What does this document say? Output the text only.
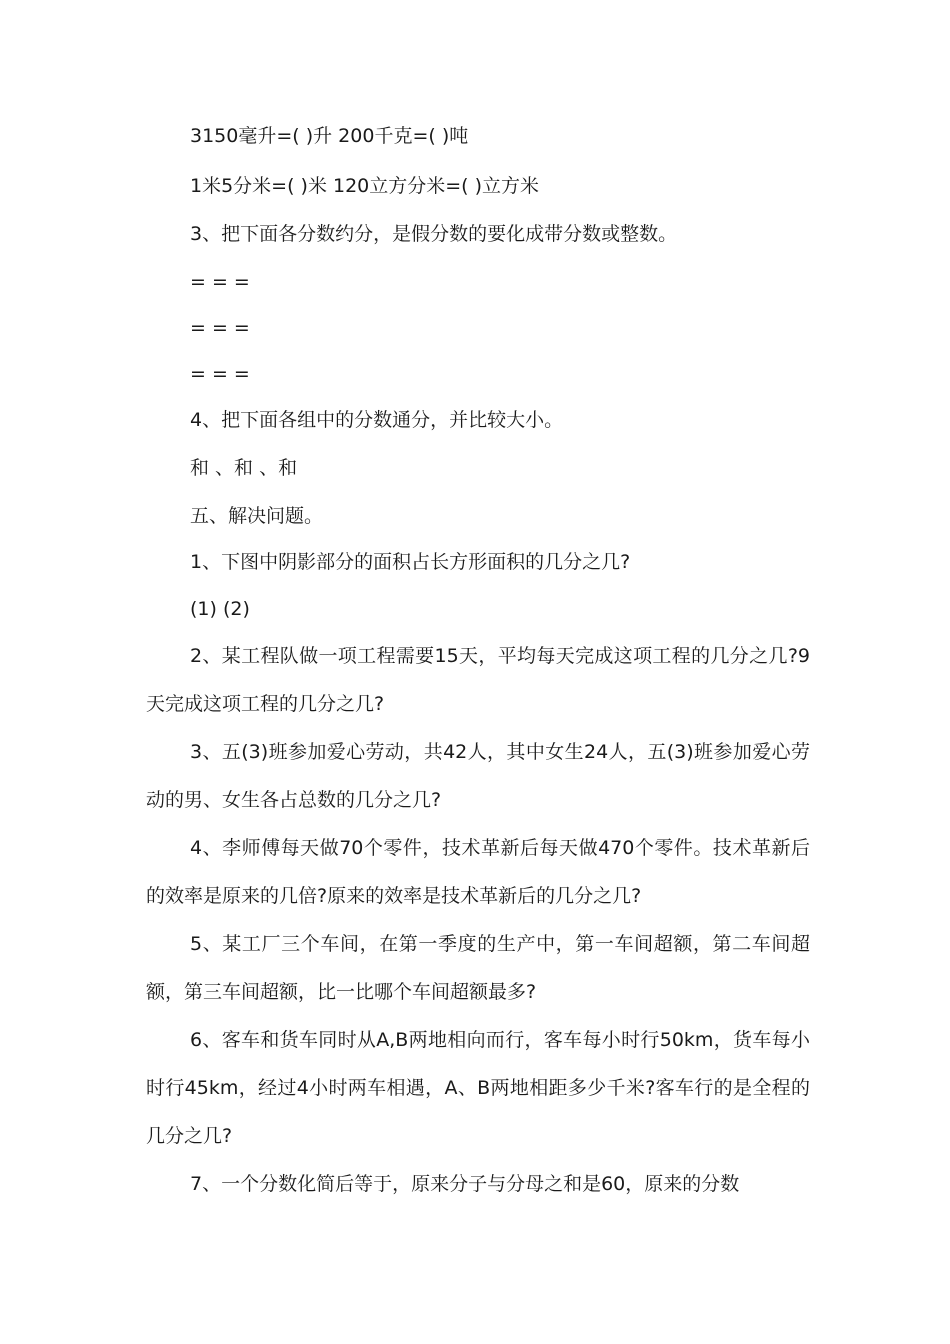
3150毫升=( )升 200千克=( )吨

1米5分米=( )米 120立方分米=( )立方米

3、把下面各分数约分，是假分数的要化成带分数或整数。

= = =

= = =

= = =

4、把下面各组中的分数通分，并比较大小。

和 、和 、和

五、解决问题。

1、下图中阴影部分的面积占长方形面积的几分之几?

(1) (2)

2、某工程队做一项工程需要15天，平均每天完成这项工程的几分之几?9天完成这项工程的几分之几?

3、五(3)班参加爱心劳动，共42人，其中女生24人，五(3)班参加爱心劳动的男、女生各占总数的几分之几?

4、李师傅每天做70个零件，技术革新后每天做470个零件。技术革新后的效率是原来的几倍?原来的效率是技术革新后的几分之几?

5、某工厂三个车间，在第一季度的生产中，第一车间超额，第二车间超额，第三车间超额，比一比哪个车间超额最多?

6、客车和货车同时从A,B两地相向而行，客车每小时行50km，货车每小时行45km，经过4小时两车相遇，A、B两地相距多少千米?客车行的是全程的几分之几?

7、一个分数化简后等于，原来分子与分母之和是60，原来的分数
